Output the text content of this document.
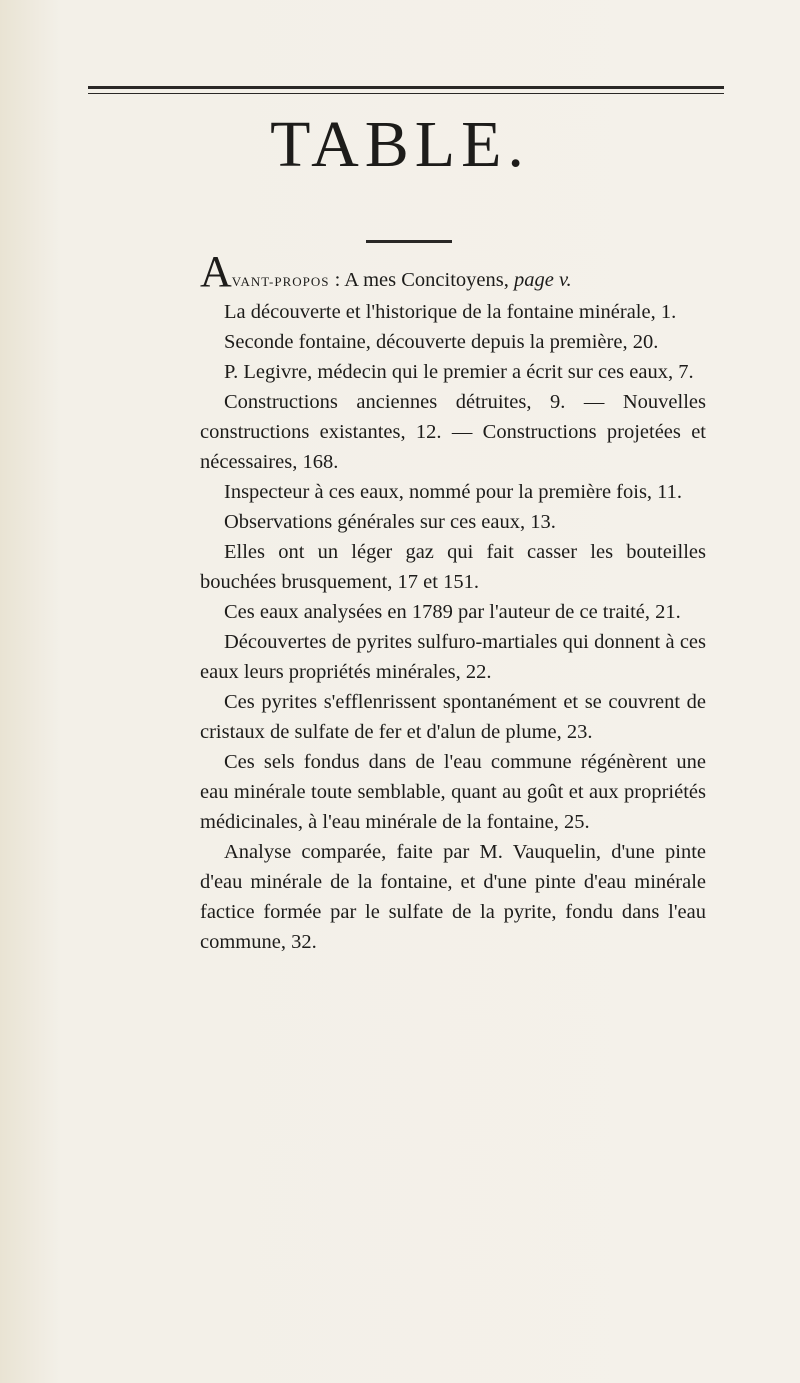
TABLE.

AVANT-PROPOS : A mes Concitoyens, page v.

La découverte et l'historique de la fontaine minérale, 1.

Seconde fontaine, découverte depuis la première, 20.

P. Legivre, médecin qui le premier a écrit sur ces eaux, 7.

Constructions anciennes détruites, 9. — Nouvelles constructions existantes, 12. — Constructions projetées et nécessaires, 168.

Inspecteur à ces eaux, nommé pour la première fois, 11.

Observations générales sur ces eaux, 13.

Elles ont un léger gaz qui fait casser les bouteilles bouchées brusquement, 17 et 151.

Ces eaux analysées en 1789 par l'auteur de ce traité, 21.

Découvertes de pyrites sulfuro-martiales qui donnent à ces eaux leurs propriétés minérales, 22.

Ces pyrites s'efflenrissent spontanément et se couvrent de cristaux de sulfate de fer et d'alun de plume, 23.

Ces sels fondus dans de l'eau commune régénèrent une eau minérale toute semblable, quant au goût et aux propriétés médicinales, à l'eau minérale de la fontaine, 25.

Analyse comparée, faite par M. Vauquelin, d'une pinte d'eau minérale de la fontaine, et d'une pinte d'eau minérale factice formée par le sulfate de la pyrite, fondu dans l'eau commune, 32.
